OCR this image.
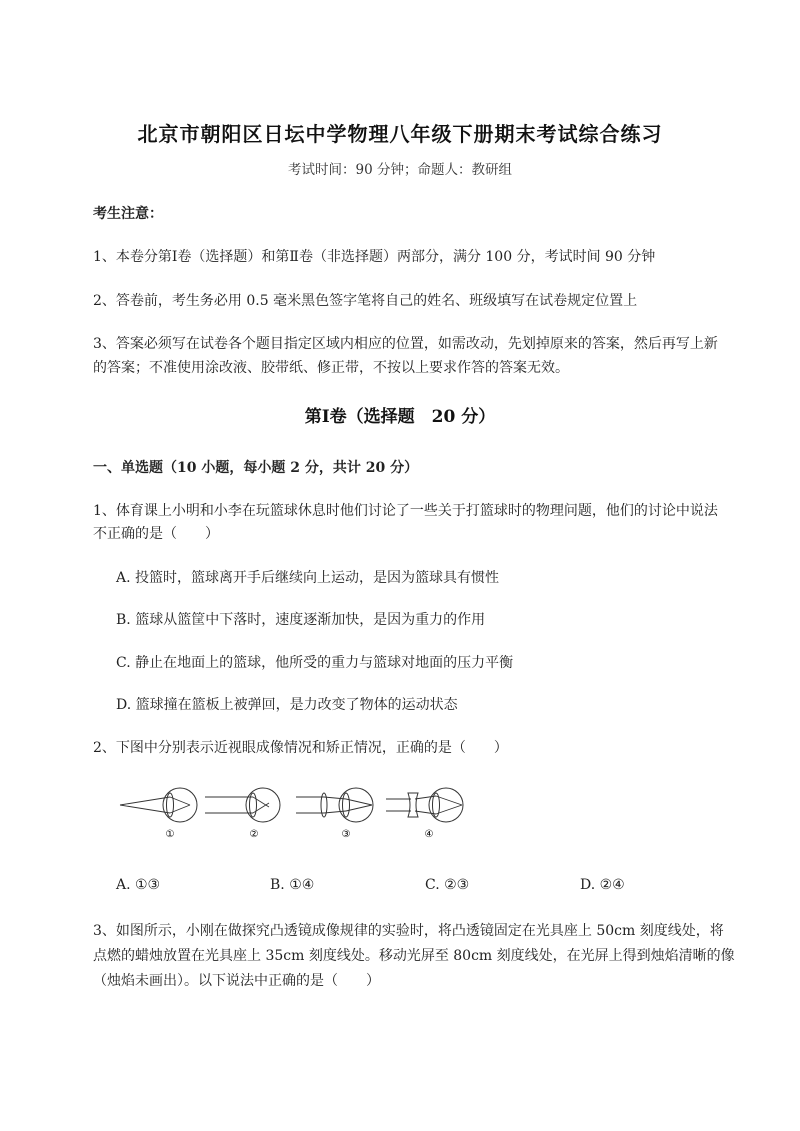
北京市朝阳区日坛中学物理八年级下册期末考试综合练习
考试时间：90 分钟；命题人：教研组
考生注意：
1、本卷分第Ⅰ卷（选择题）和第Ⅱ卷（非选择题）两部分，满分 100 分，考试时间 90 分钟
2、答卷前，考生务必用 0.5 毫米黑色签字笔将自己的姓名、班级填写在试卷规定位置上
3、答案必须写在试卷各个题目指定区域内相应的位置，如需改动，先划掉原来的答案，然后再写上新
的答案；不准使用涂改液、胶带纸、修正带，不按以上要求作答的答案无效。
第Ⅰ卷（选择题　20 分）
一、单选题（10 小题，每小题 2 分，共计 20 分）
1、体育课上小明和小李在玩篮球休息时他们讨论了一些关于打篮球时的物理问题，他们的讨论中说法
不正确的是（　　）
A. 投篮时，篮球离开手后继续向上运动，是因为篮球具有惯性
B. 篮球从篮筐中下落时，速度逐渐加快，是因为重力的作用
C. 静止在地面上的篮球，他所受的重力与篮球对地面的压力平衡
D. 篮球撞在篮板上被弹回，是力改变了物体的运动状态
2、下图中分别表示近视眼成像情况和矫正情况，正确的是（　　）
①	②	③	④
A. ①③	B. ①④	C. ②③	D. ②④
3、如图所示，小刚在做探究凸透镜成像规律的实验时，将凸透镜固定在光具座上 50cm 刻度线处，将
点燃的蜡烛放置在光具座上 35cm 刻度线处。移动光屏至 80cm 刻度线处，在光屏上得到烛焰清晰的像
（烛焰未画出）。以下说法中正确的是（　　）
